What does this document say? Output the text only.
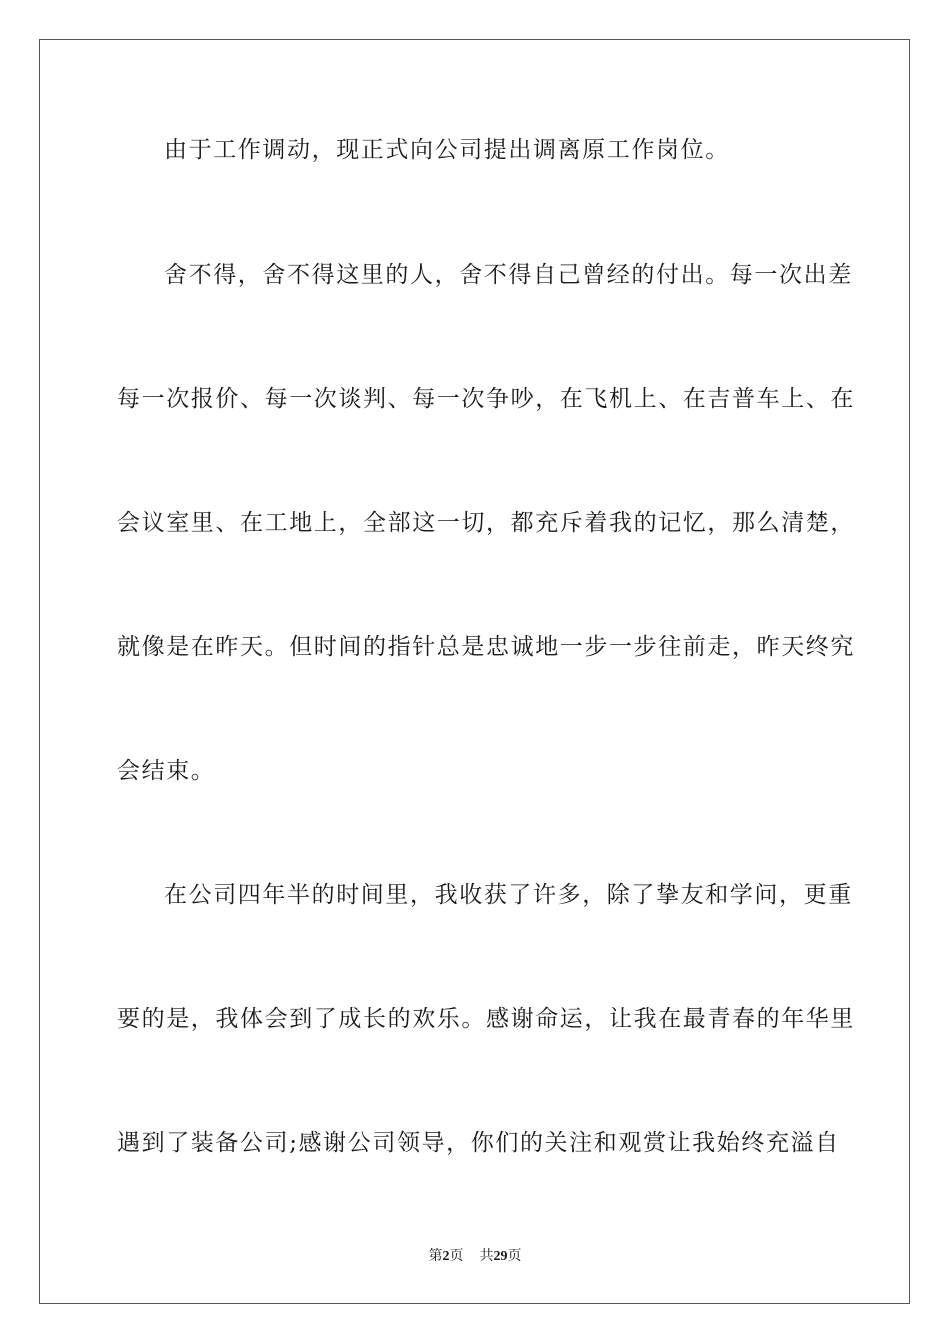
由于工作调动，现正式向公司提出调离原工作岗位。
舍不得，舍不得这里的人，舍不得自己曾经的付出。每一次出差
每一次报价、每一次谈判、每一次争吵，在飞机上、在吉普车上、在
会议室里、在工地上，全部这一切，都充斥着我的记忆，那么清楚，
就像是在昨天。但时间的指针总是忠诚地一步一步往前走，昨天终究
会结束。
在公司四年半的时间里，我收获了许多，除了挚友和学问，更重
要的是，我体会到了成长的欢乐。感谢命运，让我在最青春的年华里
遇到了装备公司;感谢公司领导，你们的关注和观赏让我始终充溢自
第2页 共29页
